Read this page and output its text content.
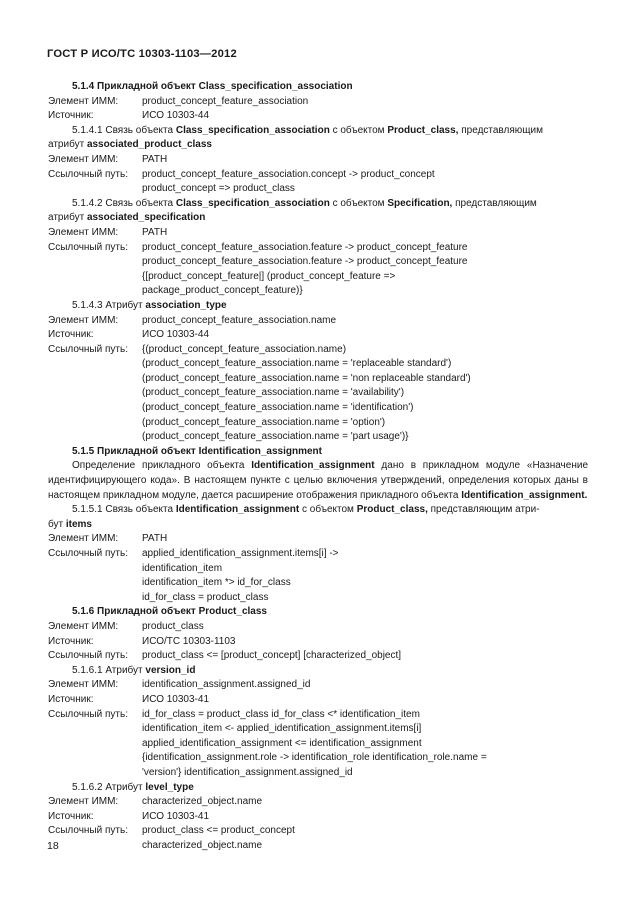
ГОСТ Р ИСО/ТС 10303-1103—2012
5.1.4 Прикладной объект Class_specification_association
Элемент ИММ:	product_concept_feature_association
Источник:	ИСО 10303-44
5.1.4.1 Связь объекта Class_specification_association с объектом Product_class, представляющим
атрибут associated_product_class
Элемент ИММ:	PATH
Ссылочный путь:	product_concept_feature_association.concept -> product_concept
product_concept => product_class
5.1.4.2 Связь объекта Class_specification_association с объектом Specification, представляющим
атрибут associated_specification
Элемент ИММ:	PATH
Ссылочный путь:	product_concept_feature_association.feature -> product_concept_feature
product_concept_feature_association.feature -> product_concept_feature
{[product_concept_feature|] (product_concept_feature =>
package_product_concept_feature)}
5.1.4.3 Атрибут association_type
Элемент ИММ:	product_concept_feature_association.name
Источник:	ИСО 10303-44
Ссылочный путь:	{(product_concept_feature_association.name)
(product_concept_feature_association.name = 'replaceable standard')
(product_concept_feature_association.name = 'non replaceable standard')
(product_concept_feature_association.name = 'availability')
(product_concept_feature_association.name = 'identification')
(product_concept_feature_association.name = 'option')
(product_concept_feature_association.name = 'part usage')}
5.1.5 Прикладной объект Identification_assignment
Определение прикладного объекта Identification_assignment дано в прикладном модуле «Назначение идентифицирующего кода». В настоящем пункте с целью включения утверждений, определения которых даны в настоящем прикладном модуле, дается расширение отображения прикладного объекта Identification_assignment.
5.1.5.1 Связь объекта Identification_assignment с объектом Product_class, представляющим атри-
бут items
Элемент ИММ:	PATH
Ссылочный путь:	applied_identification_assignment.items[i] ->
identification_item
identification_item *> id_for_class
id_for_class = product_class
5.1.6 Прикладной объект Product_class
Элемент ИММ:	product_class
Источник:	ИСО/ТС 10303-1103
Ссылочный путь:	product_class <= [product_concept] [characterized_object]
5.1.6.1 Атрибут version_id
Элемент ИММ:	identification_assignment.assigned_id
Источник:	ИСО 10303-41
Ссылочный путь:	id_for_class = product_class id_for_class <* identification_item
identification_item <- applied_identification_assignment.items[i]
applied_identification_assignment <= identification_assignment
{identification_assignment.role -> identification_role identification_role.name =
'version'} identification_assignment.assigned_id
5.1.6.2 Атрибут level_type
Элемент ИММ:	characterized_object.name
Источник:	ИСО 10303-41
Ссылочный путь:	product_class <= product_concept
characterized_object.name
18
